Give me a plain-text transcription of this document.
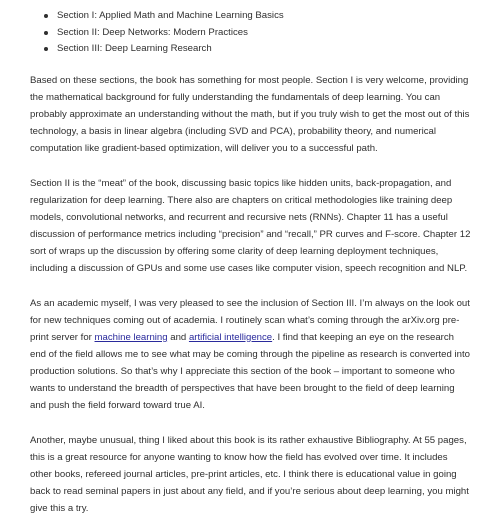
Section I: Applied Math and Machine Learning Basics
Section II: Deep Networks: Modern Practices
Section III: Deep Learning Research

Based on these sections, the book has something for most people. Section I is very welcome, providing the mathematical background for fully understanding the fundamentals of deep learning. You can probably approximate an understanding without the math, but if you truly wish to get the most out of this technology, a basis in linear algebra (including SVD and PCA), probability theory, and numerical computation like gradient-based optimization, will deliver you to a successful path.

Section II is the “meat” of the book, discussing basic topics like hidden units, back-propagation, and regularization for deep learning. There also are chapters on critical methodologies like training deep models, convolutional networks, and recurrent and recursive nets (RNNs). Chapter 11 has a useful discussion of performance metrics including “precision” and “recall,” PR curves and F-score. Chapter 12 sort of wraps up the discussion by offering some clarity of deep learning deployment techniques, including a discussion of GPUs and some use cases like computer vision, speech recognition and NLP.

As an academic myself, I was very pleased to see the inclusion of Section III. I’m always on the look out for new techniques coming out of academia. I routinely scan what’s coming through the arXiv.org pre-print server for machine learning and artificial intelligence. I find that keeping an eye on the research end of the field allows me to see what may be coming through the pipeline as research is converted into production solutions. So that’s why I appreciate this section of the book – important to someone who wants to understand the breadth of perspectives that have been brought to the field of deep learning and push the field forward toward true AI.

Another, maybe unusual, thing I liked about this book is its rather exhaustive Bibliography. At 55 pages, this is a great resource for anyone wanting to know how the field has evolved over time. It includes other books, refereed journal articles, pre-print articles, etc. I think there is educational value in going back to read seminal papers in just about any field, and if you’re serious about deep learning, you might give this a try.
